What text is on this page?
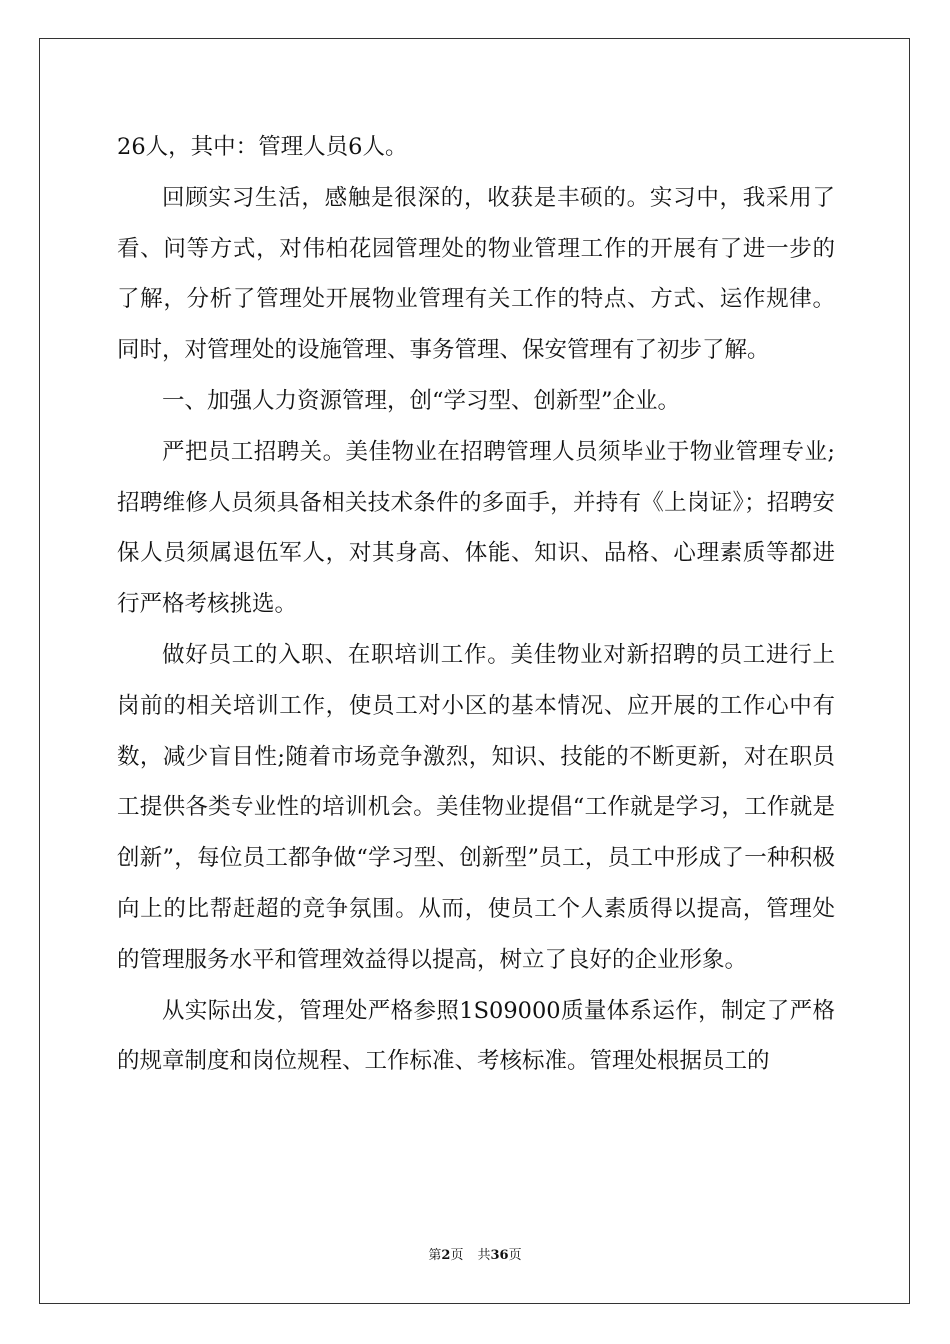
26人，其中：管理人员6人。

回顾实习生活，感触是很深的，收获是丰硕的。实习中，我采用了看、问等方式，对伟柏花园管理处的物业管理工作的开展有了进一步的了解，分析了管理处开展物业管理有关工作的特点、方式、运作规律。同时，对管理处的设施管理、事务管理、保安管理有了初步了解。

一、加强人力资源管理，创“学习型、创新型”企业。

严把员工招聘关。美佳物业在招聘管理人员须毕业于物业管理专业;招聘维修人员须具备相关技术条件的多面手，并持有《上岗证》；招聘安保人员须属退伍军人，对其身高、体能、知识、品格、心理素质等都进行严格考核挑选。

做好员工的入职、在职培训工作。美佳物业对新招聘的员工进行上岗前的相关培训工作，使员工对小区的基本情况、应开展的工作心中有数，减少盲目性;随着市场竞争激烈，知识、技能的不断更新，对在职员工提供各类专业性的培训机会。美佳物业提倡“工作就是学习，工作就是创新”，每位员工都争做“学习型、创新型”员工，员工中形成了一种积极向上的比帮赶超的竞争氛围。从而，使员工个人素质得以提高，管理处的管理服务水平和管理效益得以提高，树立了良好的企业形象。

从实际出发，管理处严格参照1S09000质量体系运作，制定了严格的规章制度和岗位规程、工作标准、考核标准。管理处根据员工的

第2页 共36页
